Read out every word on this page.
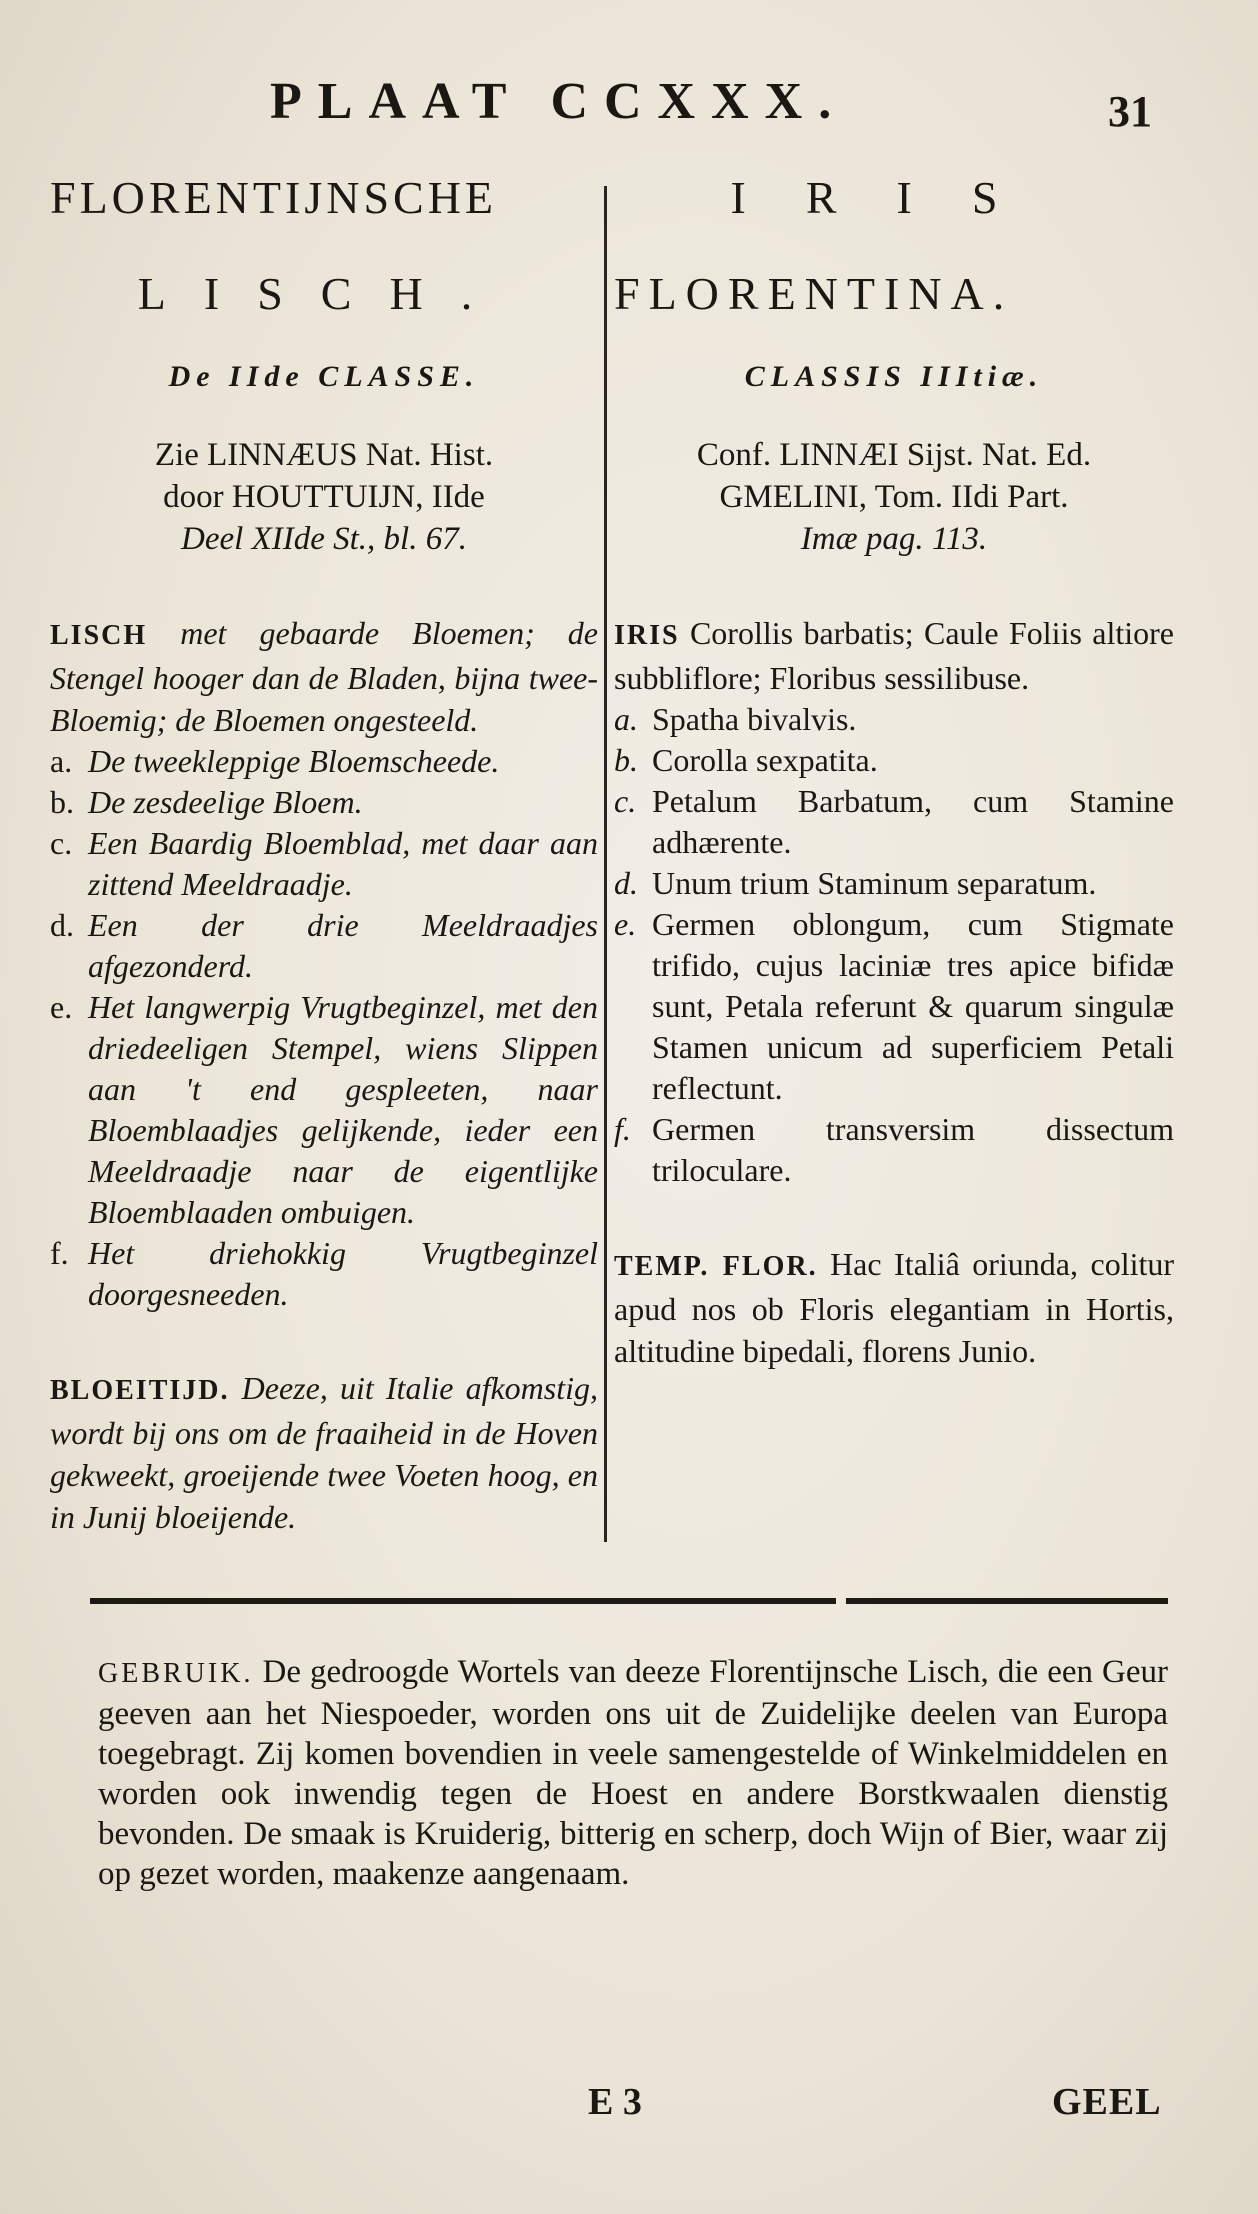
PLAAT CCXXX.	31
FLORENTIJNSCHE
LISCH.
De IIde CLASSE.
Zie LINNÆUS Nat. Hist.
door HOUTTUIJN, IIde
Deel XIIde St., bl. 67.

LISCH met gebaarde Bloemen; de Stengel hooger dan de Bladen, bijna twee-Bloemig; de Bloemen ongesteeld.

a. De tweekleppige Bloemscheede.
b. De zesdeelige Bloem.
c. Een Baardig Bloemblad, met daar aan zittend Meeldraadje.
d. Een der drie Meeldraadjes afgezonderd.
e. Het langwerpig Vrugtbeginzel, met den driedeeligen Stempel, wiens Slippen aan 't end gespleeten, naar Bloemblaadjes gelijkende, ieder een Meeldraadje naar de eigentlijke Bloemblaaden ombuigen.
f. Het driehokkig Vrugtbeginzel doorgesneeden.
BLOEITIJD. Deeze, uit Italie afkomstig, wordt bij ons om de fraaiheid in de Hoven gekweekt, groeijende twee Voeten hoog, en in Junij bloeijende.
IRIS
FLORENTINA.
CLASSIS IIItiæ.
Conf. LINNÆI Sijst. Nat. Ed.
GMELINI, Tom. IIdi Part.
Imæ pag. 113.

IRIS Corollis barbatis; Caule Foliis altiore subbliflore; Floribus sessilibuse.

a. Spatha bivalvis.
b. Corolla sexpatita.
c. Petalum Barbatum, cum Stamine adhærente.
d. Unum trium Staminum separatum.
e. Germen oblongum, cum Stigmate trifido, cujus laciniæ tres apice bifidæ sunt, Petala referunt & quarum singulæ Stamen unicum ad superficiem Petali reflectunt.
f. Germen transversim dissectum triloculare.
TEMP. FLOR. Hac Italiâ oriunda, colitur apud nos ob Floris elegantiam in Hortis, altitudine bipedali, florens Junio.
GEBRUIK. De gedroogde Wortels van deeze Florentijnsche Lisch, die een Geur geeven aan het Niespoeder, worden ons uit de Zuidelijke deelen van Europa toegebragt. Zij komen bovendien in veele samengestelde of Winkelmiddelen en worden ook inwendig tegen de Hoest en andere Borstkwaalen dienstig bevonden. De smaak is Kruiderig, bitterig en scherp, doch Wijn of Bier, waar zij op gezet worden, maakenze aangenaam.
E 3	GEEL
